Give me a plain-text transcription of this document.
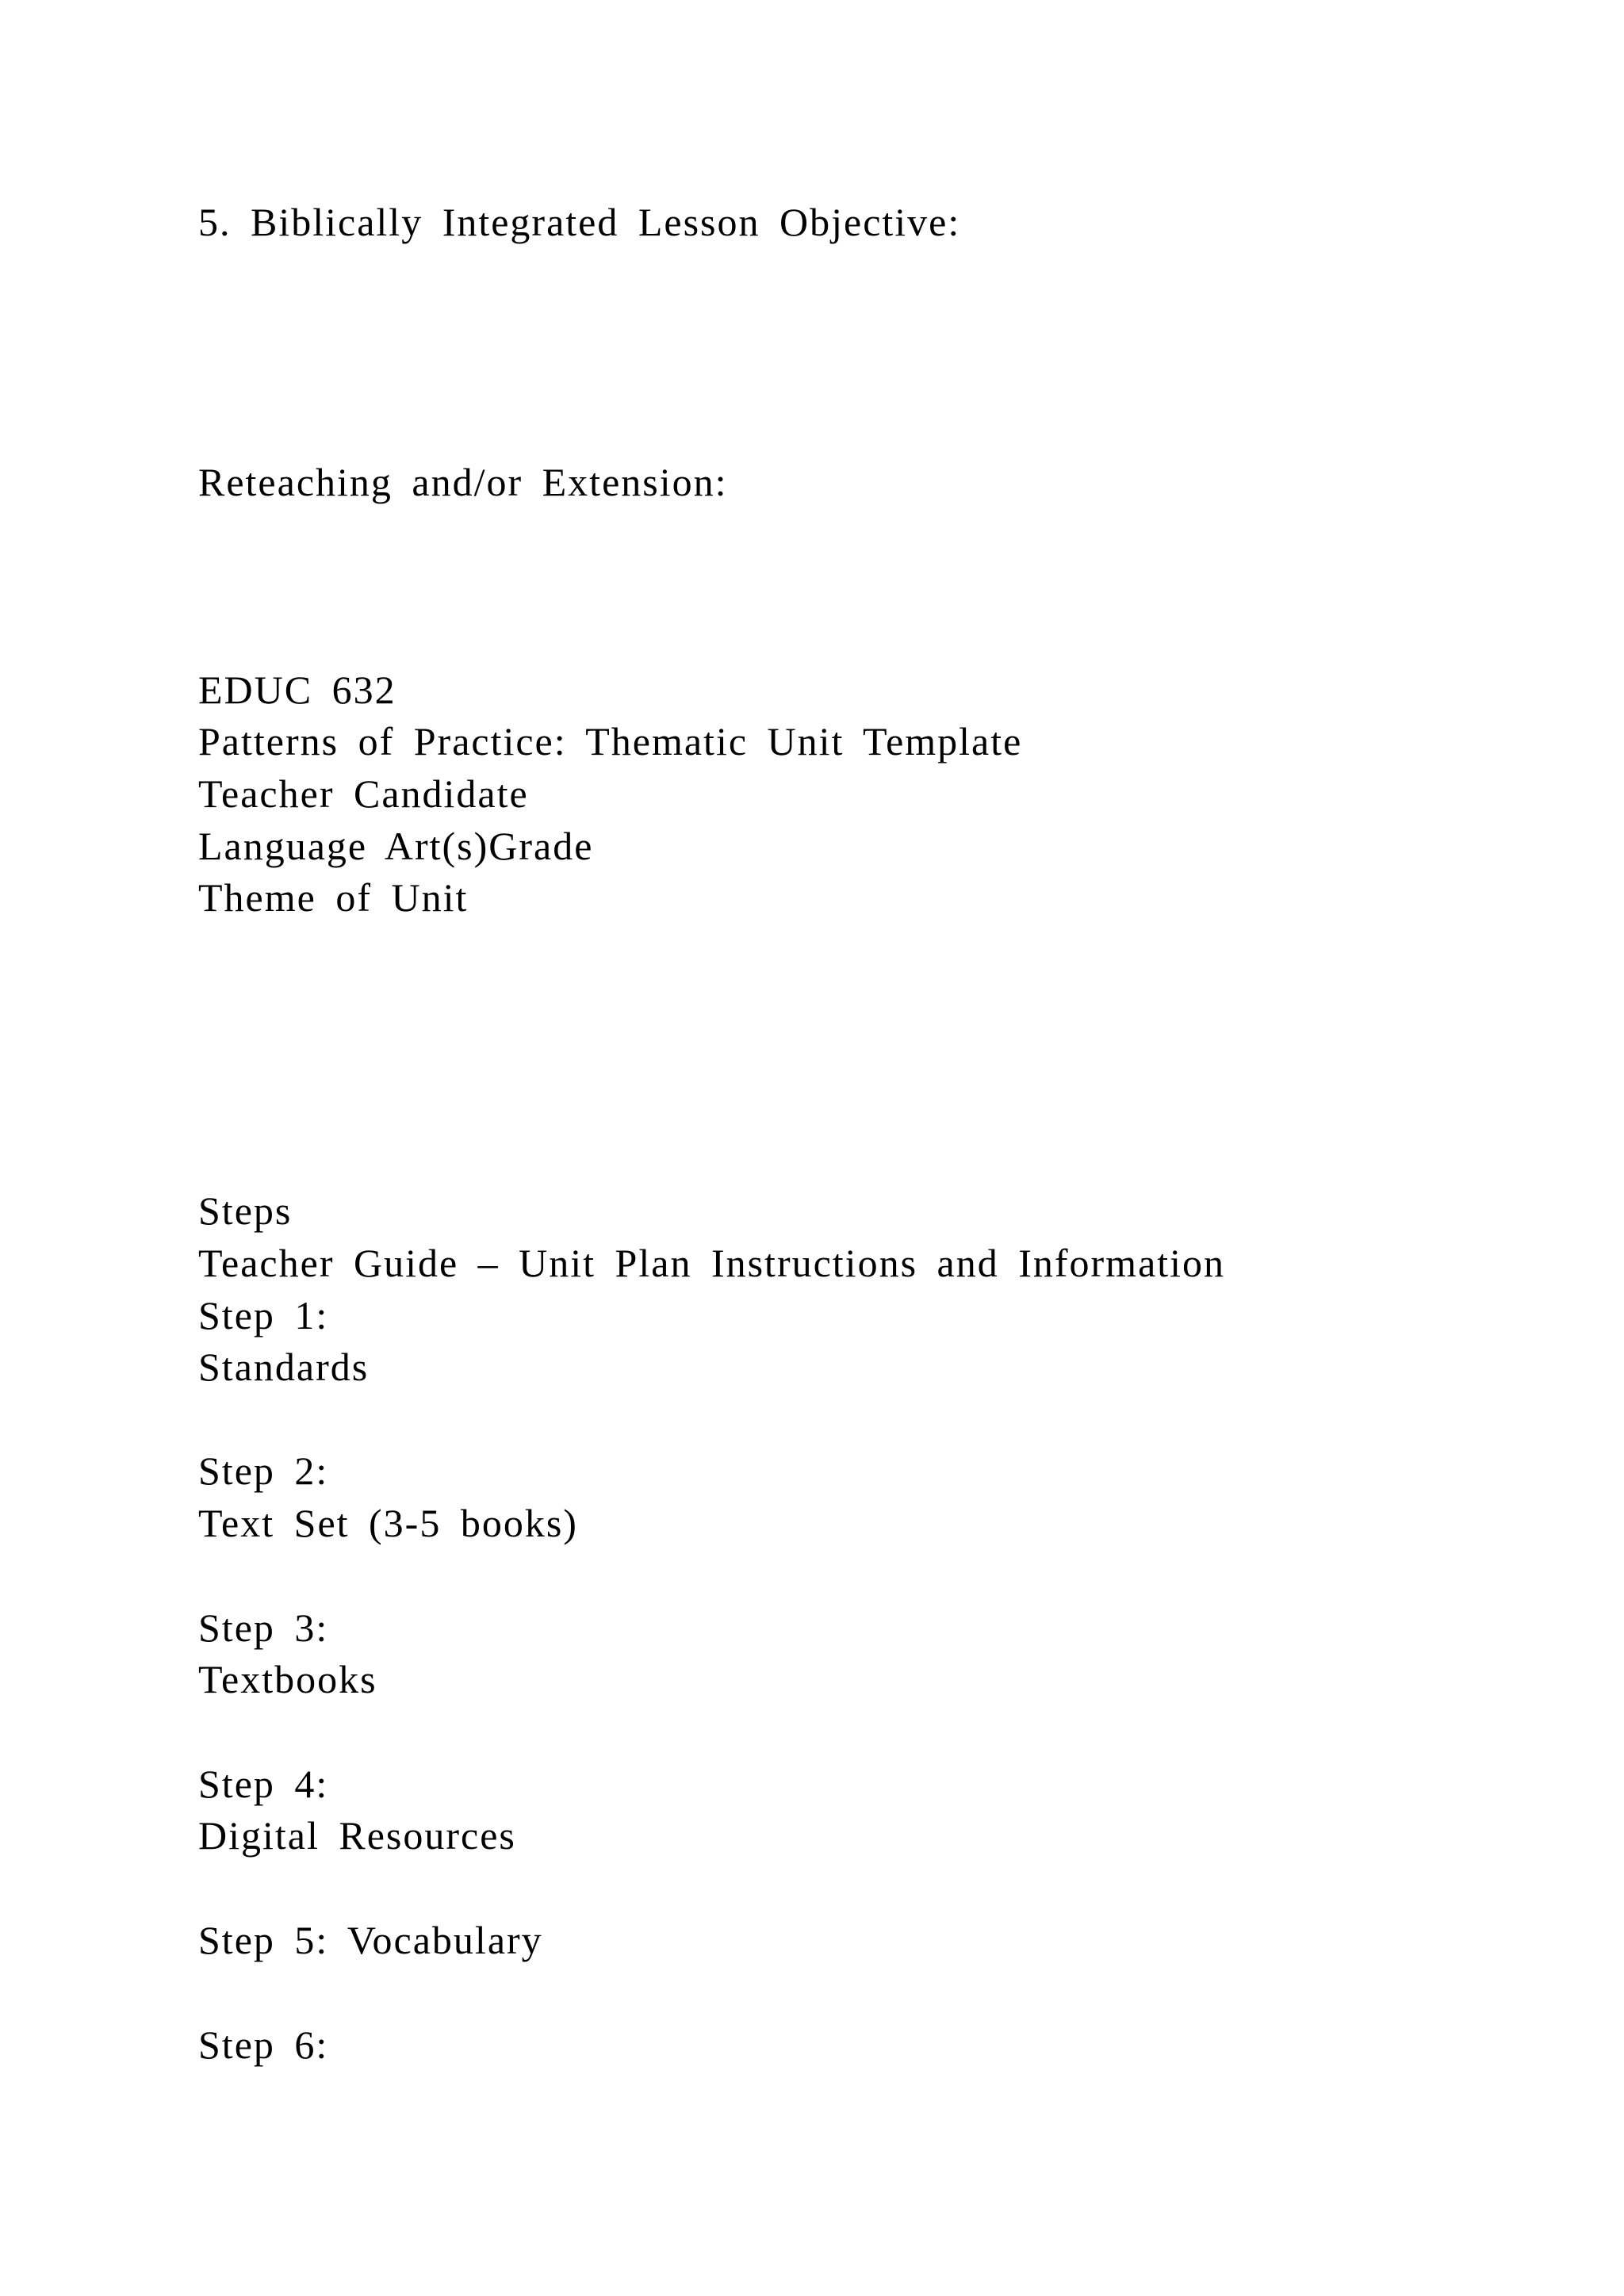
5. Biblically Integrated Lesson Objective:
Reteaching and/or Extension:
EDUC 632
Patterns of Practice: Thematic Unit Template
Teacher Candidate
Language Art(s)Grade
Theme of Unit
Steps
Teacher Guide – Unit Plan Instructions and Information
Step 1:
Standards
Step 2:
Text Set (3-5 books)
Step 3:
Textbooks
Step 4:
Digital Resources
Step 5: Vocabulary
Step 6:
